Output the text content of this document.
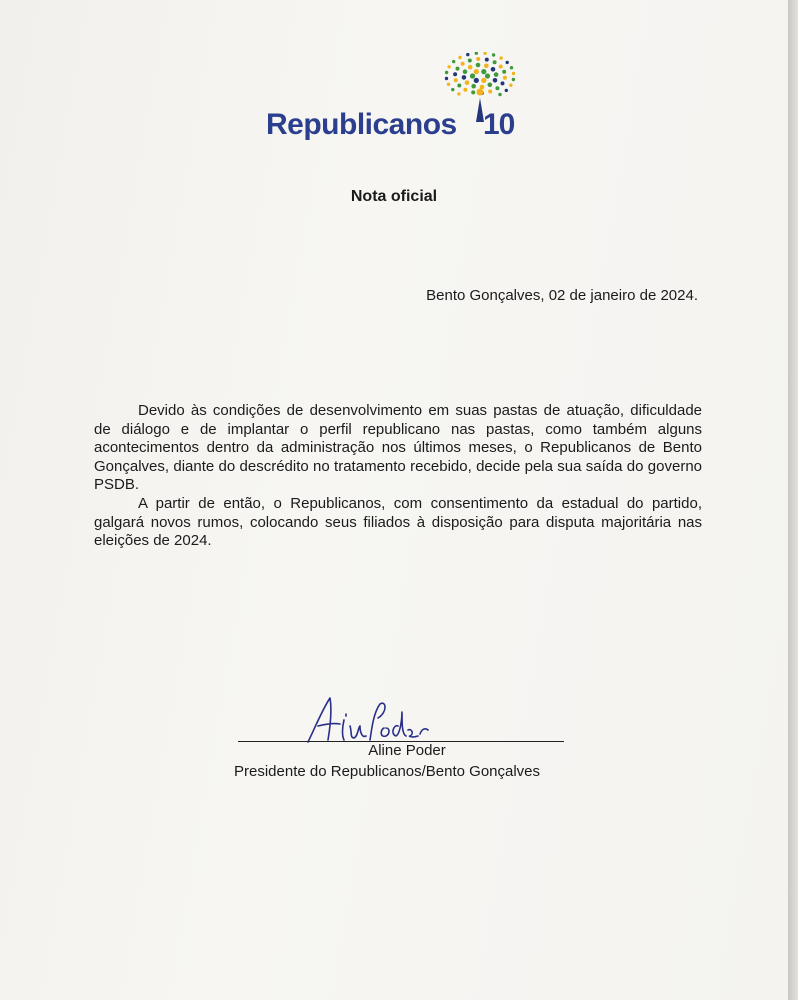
Republicanos 10
Nota oficial
Bento Gonçalves, 02 de janeiro de 2024.

Devido às condições de desenvolvimento em suas pastas de atuação, dificuldade de diálogo e de implantar o perfil republicano nas pastas, como também alguns acontecimentos dentro da administração nos últimos meses, o Republicanos de Bento Gonçalves, diante do descrédito no tratamento recebido, decide pela sua saída do governo PSDB.

A partir de então, o Republicanos, com consentimento da estadual do partido, galgará novos rumos, colocando seus filiados à disposição para disputa majoritária nas eleições de 2024.

Aline Poder
Presidente do Republicanos/Bento Gonçalves
